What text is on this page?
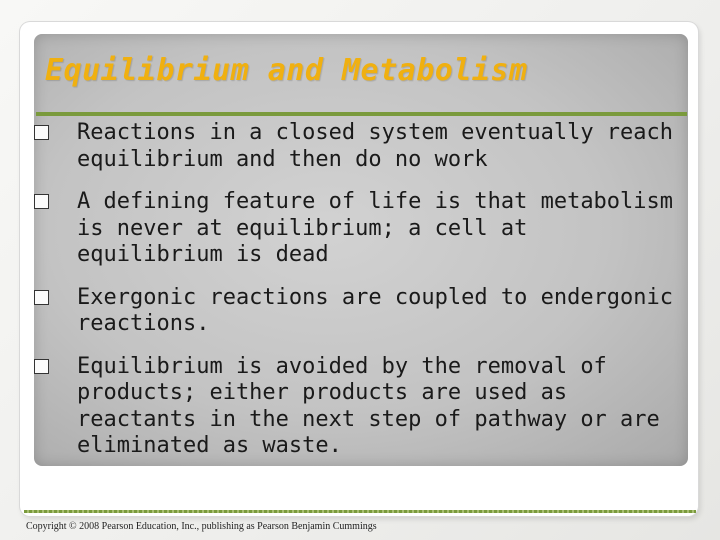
Equilibrium and Metabolism
Reactions in a closed system eventually reach equilibrium and then do no work
A defining feature of life is that metabolism is never at equilibrium; a cell at equilibrium is dead
Exergonic reactions are coupled to endergonic reactions.
Equilibrium is avoided by the removal of products; either products are used as reactants in the next step of pathway or are eliminated as waste.
Copyright © 2008 Pearson Education, Inc., publishing as Pearson Benjamin Cummings
